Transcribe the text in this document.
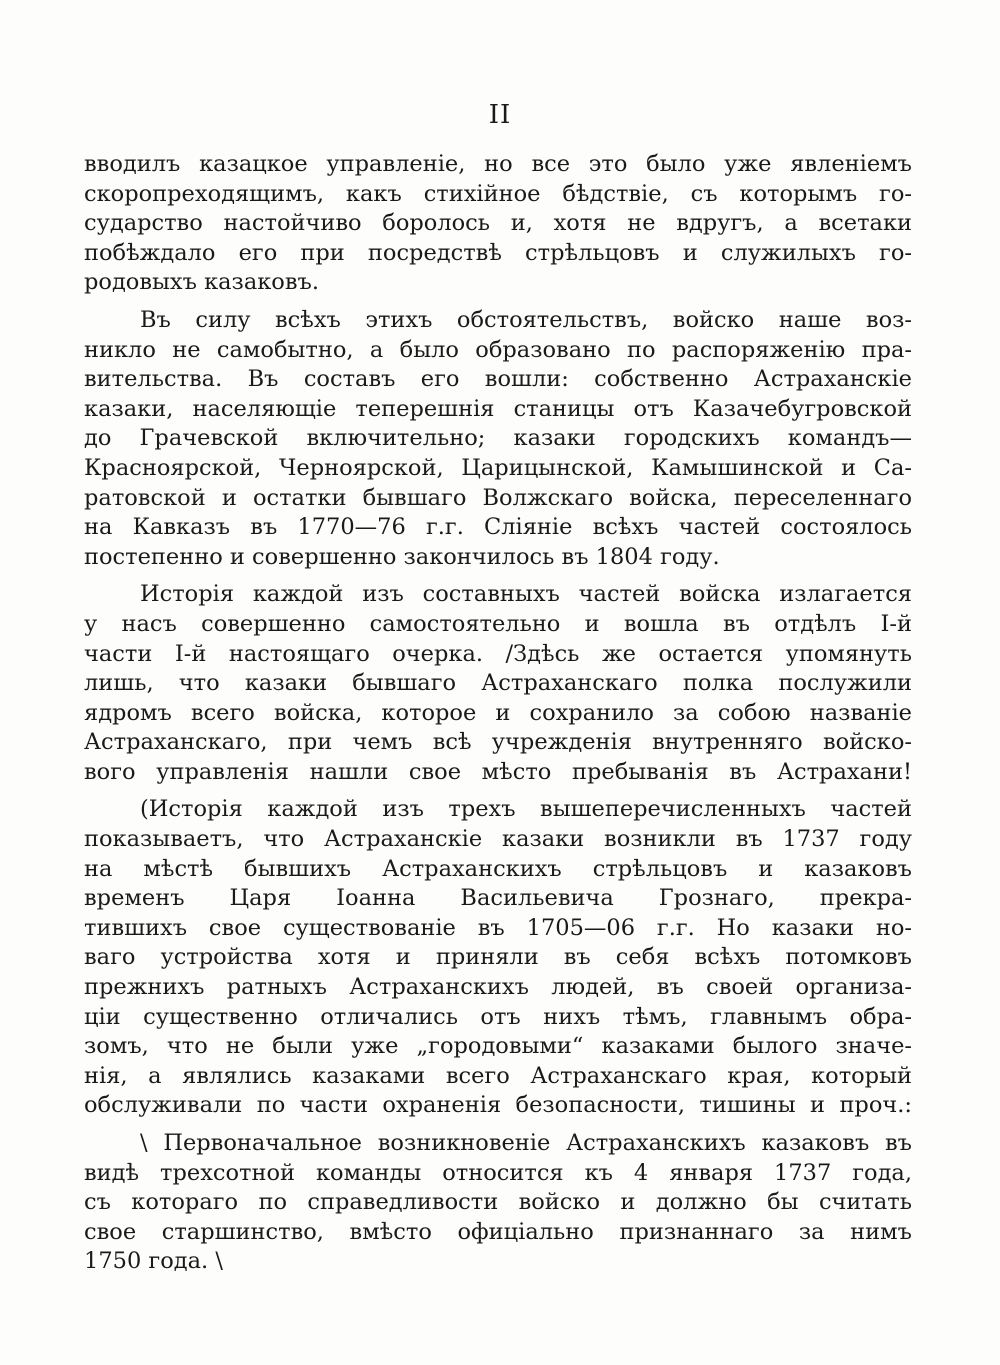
II
вводилъ казацкое управленіе, но все это было уже явленіемъ
скоропреходящимъ, какъ стихійное бѣдствіе, съ которымъ го-
сударство настойчиво боролось и, хотя не вдругъ, а всетаки
побѣждало его при посредствѣ стрѣльцовъ и служилыхъ го-
родовыхъ казаковъ.
Въ силу всѣхъ этихъ обстоятельствъ, войско наше воз-
никло не самобытно, а было образовано по распоряженію пра-
вительства. Въ составъ его вошли: собственно Астраханскіе
казаки, населяющіе теперешнія станицы отъ Казачебугровской
до Грачевской включительно; казаки городскихъ командъ—
Красноярской, Черноярской, Царицынской, Камышинской и Са-
ратовской и остатки бывшаго Волжскаго войска, переселеннаго
на Кавказъ въ 1770—76 г.г. Сліяніе всѣхъ частей состоялось
постепенно и совершенно закончилось въ 1804 году.
Исторія каждой изъ составныхъ частей войска излагается
у насъ совершенно самостоятельно и вошла въ отдѣлъ I-й
части I-й настоящаго очерка. /Здѣсь же остается упомянуть
лишь, что казаки бывшаго Астраханскаго полка послужили
ядромъ всего войска, которое и сохранило за собою названіе
Астраханскаго, при чемъ всѣ учрежденія внутренняго войско-
вого управленія нашли свое мѣсто пребыванія въ Астрахани!
(Исторія каждой изъ трехъ вышеперечисленныхъ частей
показываетъ, что Астраханскіе казаки возникли въ 1737 году
на мѣстѣ бывшихъ Астраханскихъ стрѣльцовъ и казаковъ
временъ Царя Іоанна Васильевича Грознаго, прекра-
тившихъ свое существованіе въ 1705—06 г.г. Но казаки но-
ваго устройства хотя и приняли въ себя всѣхъ потомковъ
прежнихъ ратныхъ Астраханскихъ людей, въ своей организа-
ціи существенно отличались отъ нихъ тѣмъ, главнымъ обра-
зомъ, что не были уже „городовыми“ казаками былого значе-
нія, а являлись казаками всего Астраханскаго края, который
обслуживали по части охраненія безопасности, тишины и проч.:
\ Первоначальное возникновеніе Астраханскихъ казаковъ въ
видѣ трехсотной команды относится къ 4 января 1737 года,
съ котораго по справедливости войско и должно бы считать
свое старшинство, вмѣсто офиціально признаннаго за нимъ
1750 года. \
